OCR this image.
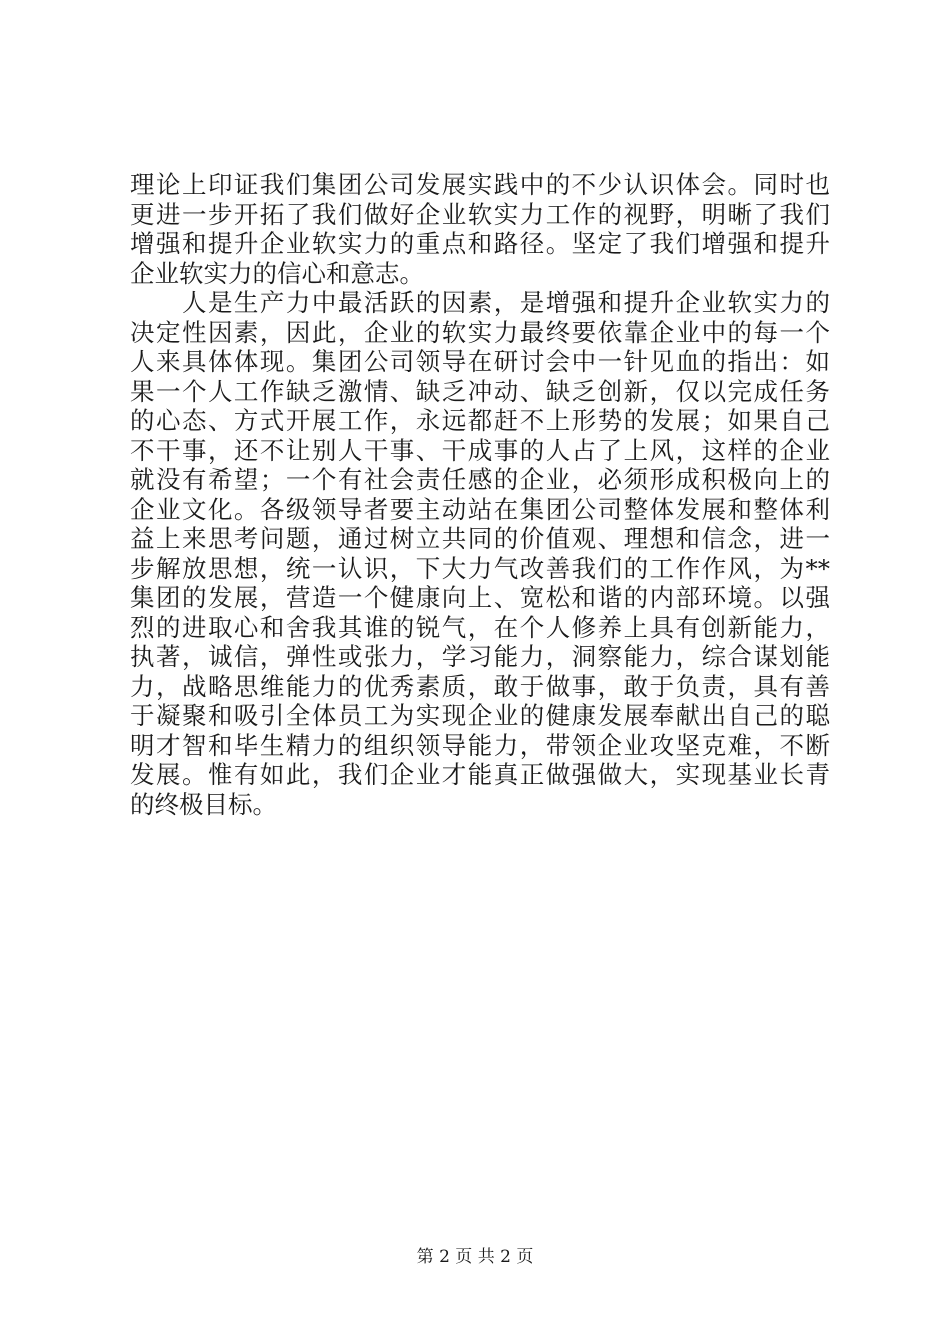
理论上印证我们集团公司发展实践中的不少认识体会。同时也
更进一步开拓了我们做好企业软实力工作的视野，明晰了我们
增强和提升企业软实力的重点和路径。坚定了我们增强和提升
企业软实力的信心和意志。
　　人是生产力中最活跃的因素，是增强和提升企业软实力的
决定性因素，因此，企业的软实力最终要依靠企业中的每一个
人来具体体现。集团公司领导在研讨会中一针见血的指出：如
果一个人工作缺乏激情、缺乏冲动、缺乏创新，仅以完成任务
的心态、方式开展工作，永远都赶不上形势的发展；如果自己
不干事，还不让别人干事、干成事的人占了上风，这样的企业
就没有希望；一个有社会责任感的企业，必须形成积极向上的
企业文化。各级领导者要主动站在集团公司整体发展和整体利
益上来思考问题，通过树立共同的价值观、理想和信念，进一
步解放思想，统一认识，下大力气改善我们的工作作风，为**
集团的发展，营造一个健康向上、宽松和谐的内部环境。以强
烈的进取心和舍我其谁的锐气，在个人修养上具有创新能力，
执著，诚信，弹性或张力，学习能力，洞察能力，综合谋划能
力，战略思维能力的优秀素质，敢于做事，敢于负责，具有善
于凝聚和吸引全体员工为实现企业的健康发展奉献出自己的聪
明才智和毕生精力的组织领导能力，带领企业攻坚克难，不断
发展。惟有如此，我们企业才能真正做强做大，实现基业长青
的终极目标。
第 2 页 共 2 页
